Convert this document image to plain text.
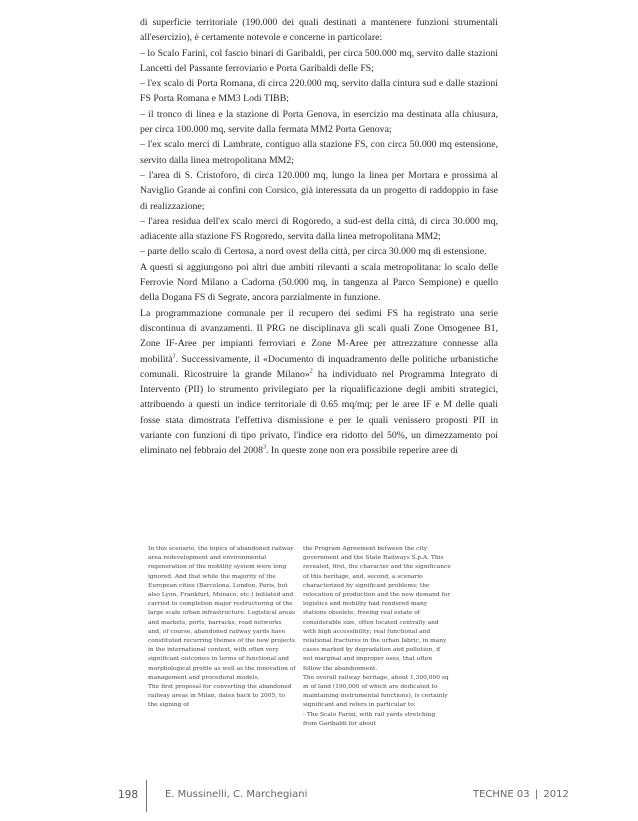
di superficie territoriale (190.000 dei quali destinati a mantenere funzioni strumentali all'esercizio), è certamente notevole e concerne in particolare:

– lo Scalo Farini, col fascio binari di Garibaldi, per circa 500.000 mq, servito dalle stazioni Lancetti del Passante ferroviario e Porta Garibaldi delle FS;

– l'ex scalo di Porta Romana, di circa 220.000 mq, servito dalla cintura sud e dalle stazioni FS Porta Romana e MM3 Lodi TIBB;

– il tronco di linea e la stazione di Porta Genova, in esercizio ma destinata alla chiusura, per circa 100.000 mq, servite dalla fermata MM2 Porta Genova;

– l'ex scalo merci di Lambrate, contiguo alla stazione FS, con circa 50.000 mq estensione, servito dalla linea metropolitana MM2;

– l'area di S. Cristoforo, di circa 120.000 mq, lungo la linea per Mortara e prossima al Naviglio Grande ai confini con Corsico, già interessata da un progetto di raddoppio in fase di realizzazione;

– l'area residua dell'ex scalo merci di Rogoredo, a sud-est della città, di circa 30.000 mq, adiacente alla stazione FS Rogoredo, servita dalla linea metropolitana MM2;

– parte dello scalo di Certosa, a nord ovest della città, per circa 30.000 mq di estensione.

A questi si aggiungono poi altri due ambiti rilevanti a scala metropolitana: lo scalo delle Ferrovie Nord Milano a Cadorna (50.000 mq, in tangenza al Parco Sempione) e quello della Dogana FS di Segrate, ancora parzialmente in funzione.

La programmazione comunale per il recupero dei sedimi FS ha registrato una serie discontinua di avanzamenti. Il PRG ne disciplinava gli scali quali Zone Omogenee B1, Zone IF-Aree per impianti ferroviari e Zone M-Aree per attrezzature connesse alla mobilità$^1$. Successivamente, il «Documento di inquadramento delle politiche urbanistiche comunali. Ricostruire la grande Milano»$^2$ ha individuato nel Programma Integrato di Intervento (PII) lo strumento privilegiato per la riqualificazione degli ambiti strategici, attribuendo a questi un indice territoriale di 0.65 mq/mq; per le aree IF e M delle quali fosse stata dimostrata l'effettiva dismissione e per le quali venissero proposti PII in variante con funzioni di tipo privato, l'indice era ridotto del 50%, un dimezzamento poi eliminato nel febbraio del 2008$^3$. In queste zone non era possibile reperire aree di

In this scenario, the topics of abandoned railway area redevelopment and environmental regeneration of the mobility system were long ignored. And that while the majority of the European cities (Barcelona, London, Paris, but also Lyon, Frankfurt, Monaco, etc.) initiated and carried to completion major restructuring of the large scale urban infrastructure. Logistical areas and markets, ports, barracks, road networks and, of course, abandoned railway yards have constituted recurring themes of the new projects in the international context, with often very significant outcomes in terms of functional and morphological profile as well as the innovation of management and procedural models.

The first proposal for converting the abandoned railway areas in Milan, dates back to 2005, to the signing of

the Program Agreement between the city government and the State Railways S.p.A. This revealed, first, the character and the significance of this heritage, and, second, a scenario characterized by significant problems; the relocation of production and the new demand for logistics and mobility had rendered many stations obsolete, freeing real estate of considerable size, often located centrally and with high accessibility; real functional and relational fractures in the urban fabric, in many cases marked by degradation and pollution, if not marginal and improper uses, that often follow the abandonment.

The overall railway heritage, about 1,300,000 sq m of land (190,000 of which are dedicated to maintaining instrumental functions), is certainly significant and refers in particular to:

- The Scalo Farini, with rail yards stretching from Garibaldi for about

198	E. Mussinelli, C. Marchegiani	TECHNE 03 | 2012
